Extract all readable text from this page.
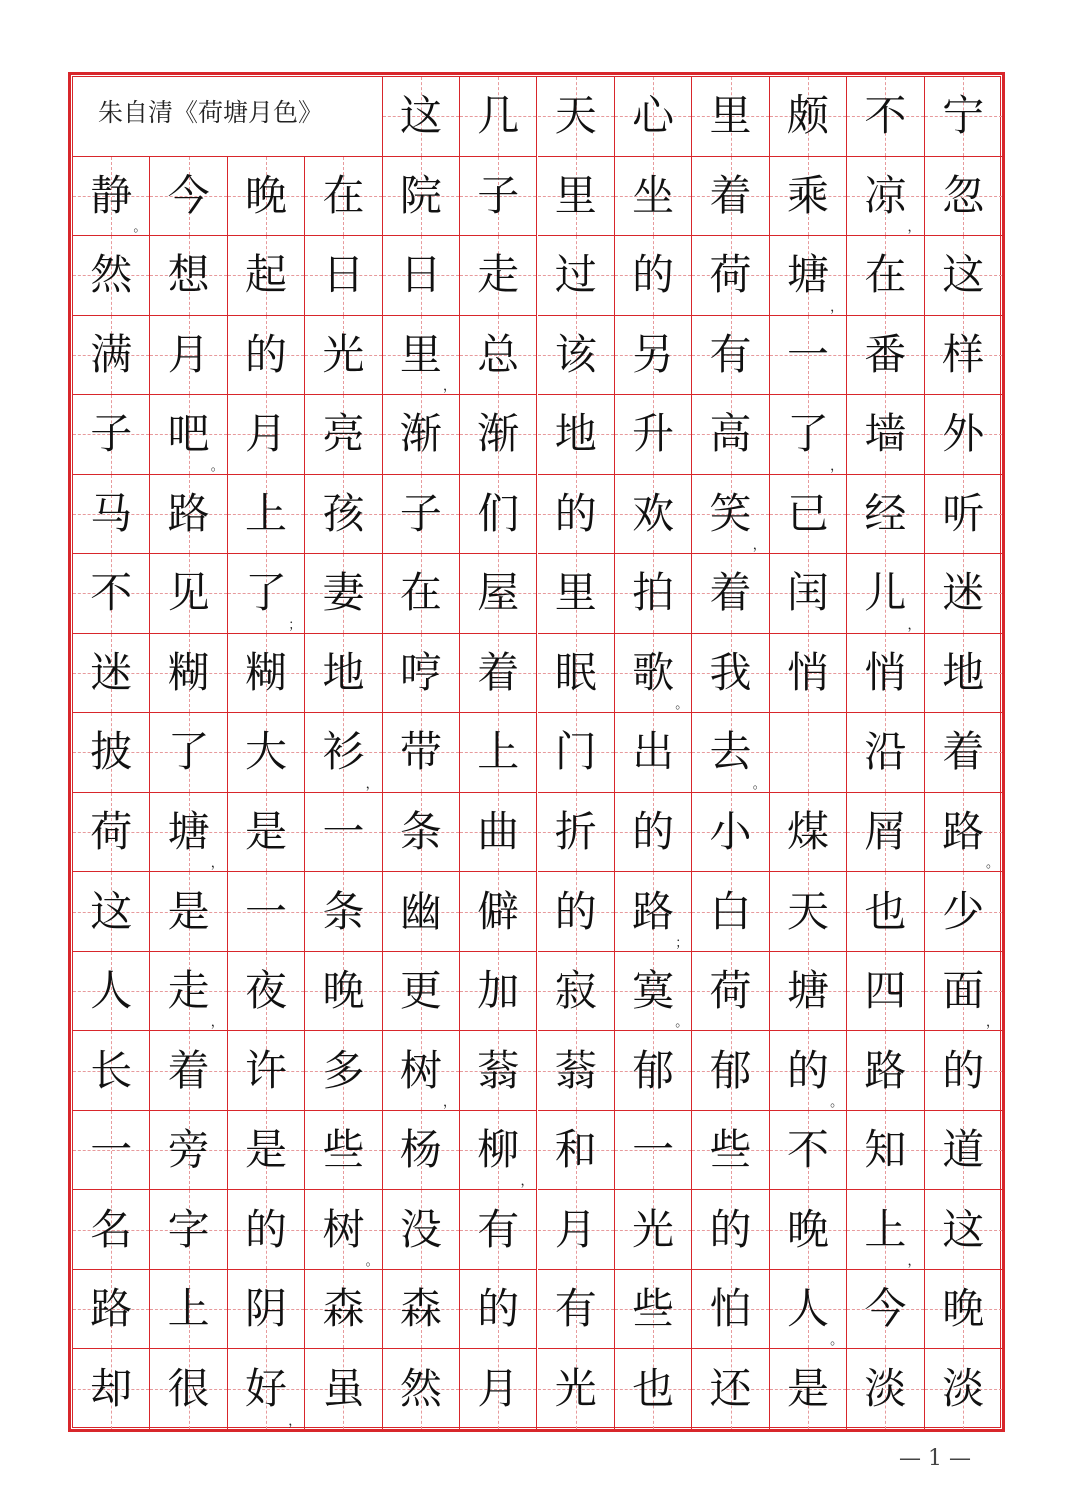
朱自清《荷塘月色》 这 几 天 心 里 颇 不 宁
静
。
今 晚 在 院 子 里 坐 着 乘 凉
，
忽
然 想 起 日 日 走 过 的 荷 塘
，
在 这
满 月 的 光 里
，
总 该 另 有 一 番 样
子 吧
。
月 亮 渐 渐 地 升 高 了
，
墙 外
马 路 上 孩 子 们 的 欢 笑
，
已 经 听
不 见 了
；
妻 在 屋 里 拍 着 闰 儿
，
迷
迷 糊 糊 地 哼 着 眠 歌
。
我 悄 悄 地
披 了 大 衫
，
带 上 门 出 去
。
沿 着
荷 塘
，
是 一 条 曲 折 的 小 煤 屑 路
。
这 是 一 条 幽 僻 的 路
；
白 天 也 少
人 走
，
夜 晚 更 加 寂 寞
。
荷 塘 四 面
，
长 着 许 多 树
，
蓊 蓊 郁 郁 的
。
路 的
一 旁 是 些 杨 柳
，
和 一 些 不 知 道
名 字 的 树
。
没 有 月 光 的 晚 上
，
这
路 上 阴 森 森 的 有 些 怕 人
。
今 晚
却 很 好
，
虽 然 月 光 也 还 是 淡 淡
— 1 —
